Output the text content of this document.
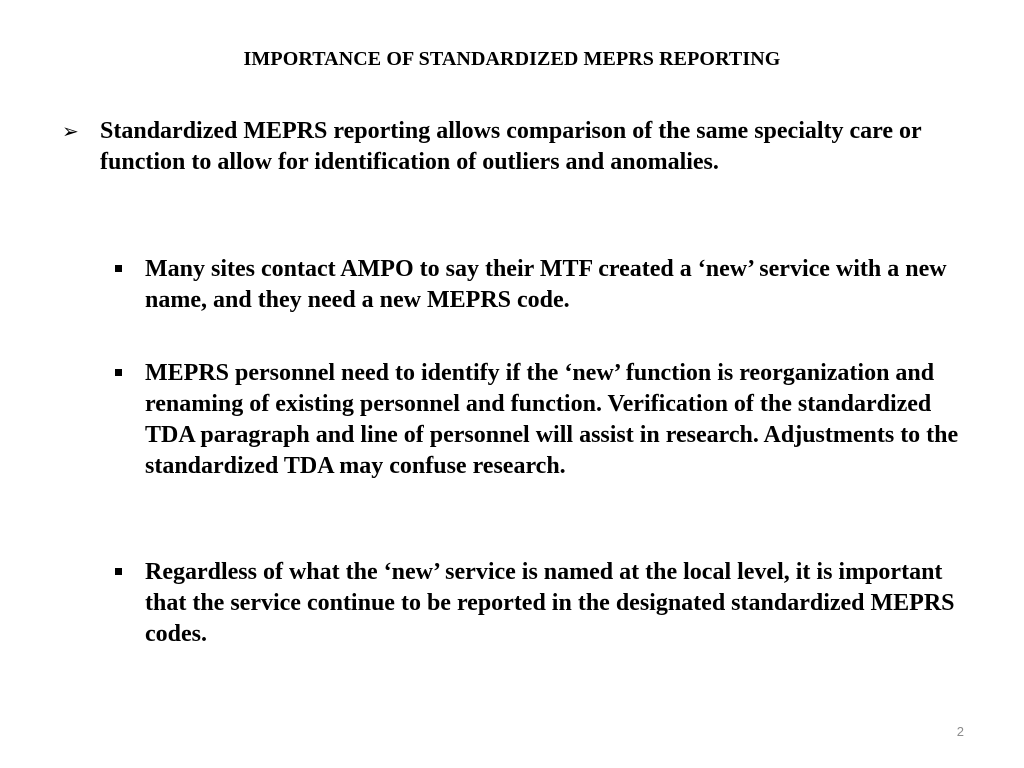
IMPORTANCE OF STANDARDIZED MEPRS REPORTING
➢ Standardized MEPRS reporting allows comparison of the same specialty care or function to allow for identification of outliers and anomalies.
Many sites contact AMPO to say their MTF created a ‘new’ service with a new name, and they need a new MEPRS code.
MEPRS personnel need to identify if the ‘new’ function is reorganization and renaming of existing personnel and function. Verification of the standardized TDA paragraph and line of personnel will assist in research. Adjustments to the standardized TDA may confuse research.
Regardless of what the ‘new’ service is named at the local level, it is important that the service continue to be reported in the designated standardized MEPRS codes.
2
